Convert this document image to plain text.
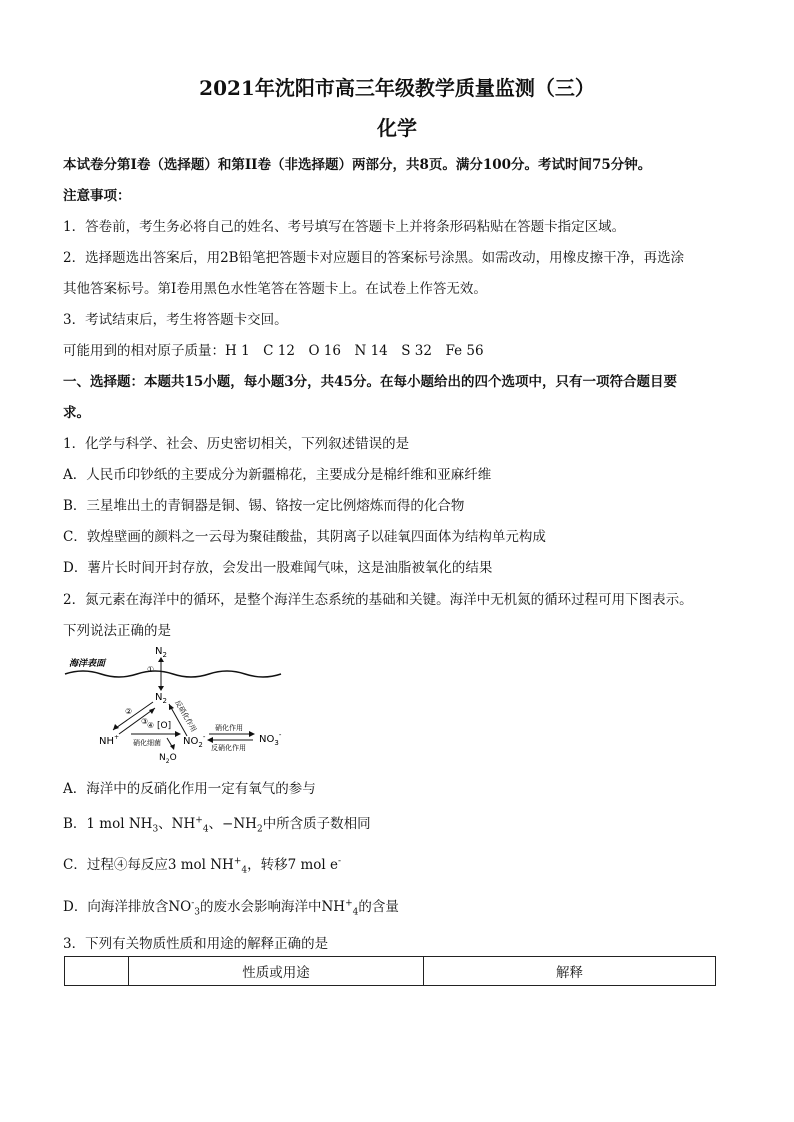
2021年沈阳市高三年级教学质量监测（三）
化学
本试卷分第I卷（选择题）和第II卷（非选择题）两部分，共8页。满分100分。考试时间75分钟。
注意事项：
1．答卷前，考生务必将自己的姓名、考号填写在答题卡上并将条形码粘贴在答题卡指定区域。
2．选择题选出答案后，用2B铅笔把答题卡对应题目的答案标号涂黑。如需改动，用橡皮擦干净，再选涂
其他答案标号。第I卷用黑色水性笔答在答题卡上。在试卷上作答无效。
3．考试结束后，考生将答题卡交回。
可能用到的相对原子质量：H 1　C 12　O 16　N 14　S 32　Fe 56
一、选择题：本题共15小题，每小题3分，共45分。在每小题给出的四个选项中，只有一项符合题目要
求。
1．化学与科学、社会、历史密切相关，下列叙述错误的是
A．人民币印钞纸的主要成分为新疆棉花，主要成分是棉纤维和亚麻纤维
B．三星堆出土的青铜器是铜、锡、铬按一定比例熔炼而得的化合物
C．敦煌壁画的颜料之一云母为聚硅酸盐，其阴离子以硅氧四面体为结构单元构成
D．薯片长时间开封存放，会发出一股难闻气味，这是油脂被氧化的结果
2．氮元素在海洋中的循环，是整个海洋生态系统的基础和关键。海洋中无机氮的循环过程可用下图表示。
下列说法正确的是
海洋表面
$N_2$
①
$N_2$
②
③	反硝化作用
NH+
[O]
④
硝化细菌
$N_2O$
$NO_2^-$
硝化作用
反硝化作用
$NO_3^-$
A．海洋中的反硝化作用一定有氧气的参与
B．1 mol $NH_3$、$NH^+_4$、$-NH_2$中所含质子数相同
C．过程④每反应3 mol $NH^+_4$，转移7 mol e-
D．向海洋排放含$NO^-_3$的废水会影响海洋中$NH^+_4$的含量
3．下列有关物质性质和用途的解释正确的是
	性质或用途	解释
